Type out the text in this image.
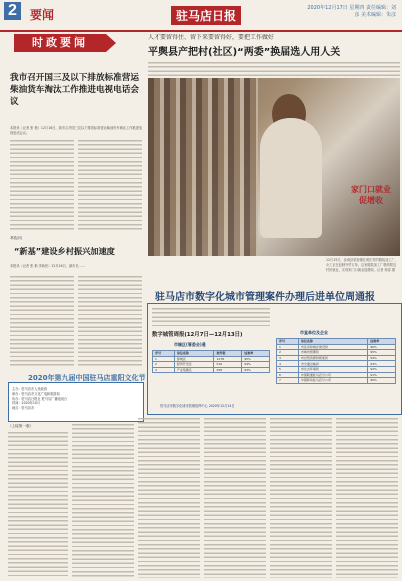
2	要闻	驻马店日报
2020年12月17日 星期四 责任编辑：刘彦 美术编辑：朱彦
时政要闻
我市召开国三及以下排放标准营运柴油货车淘汰工作推进电视电话会议
本报讯（记者 张 艳）12月16日，我市召开国三及以下排放标准营运柴油货车淘汰工作推进电视电话会议。
本报讯
“新基”建设乡村振兴加速度
本报讯（记者 张 艳 李新民）12月16日，副市长……
2020年第九届中国驻马店重阳文化节
主办：驻马店市人民政府
承办：驻马店市文化广电和旅游局
协办：驻马店日报社 驻马店广播电视台
时间：2020年10月
地点：驻马店市
人才要留得住、留下来要留得好，要把工作做好
平舆县产把村(社区)“两委”换届选人用人关
家门口就业促增收
12月15日，汝南县梁祝镇在黄庄村的服装加工厂，女工正在赶制外贸订单，这家服装加工厂吸纳附近村民就业，实现家门口就业促增收。记者 杨春 摄
驻马店市数字化城市管理案件办理后进单位周通报
数字城管周报(12月7日—12月13日)
市辖区(管委会)通
序号	单位名称	案件数	结案率
1	驿城区	1278	95%
2	经济开发区	516	94%
3	产业集聚区	258	93%
市直单位及企业
序号	单位名称	结案率
1	市住房和城乡建设局	96%
2	市城市管理局	95%
3	市自然资源和规划局	94%
4	市交通运输局	93%
5	市生态环境局	92%
6	中国联通驻马店分公司	91%
7	中国移动驻马店分公司	90%
驻马店市数字化城市管理指挥中心 2020年12月14日
（上接第一版）
